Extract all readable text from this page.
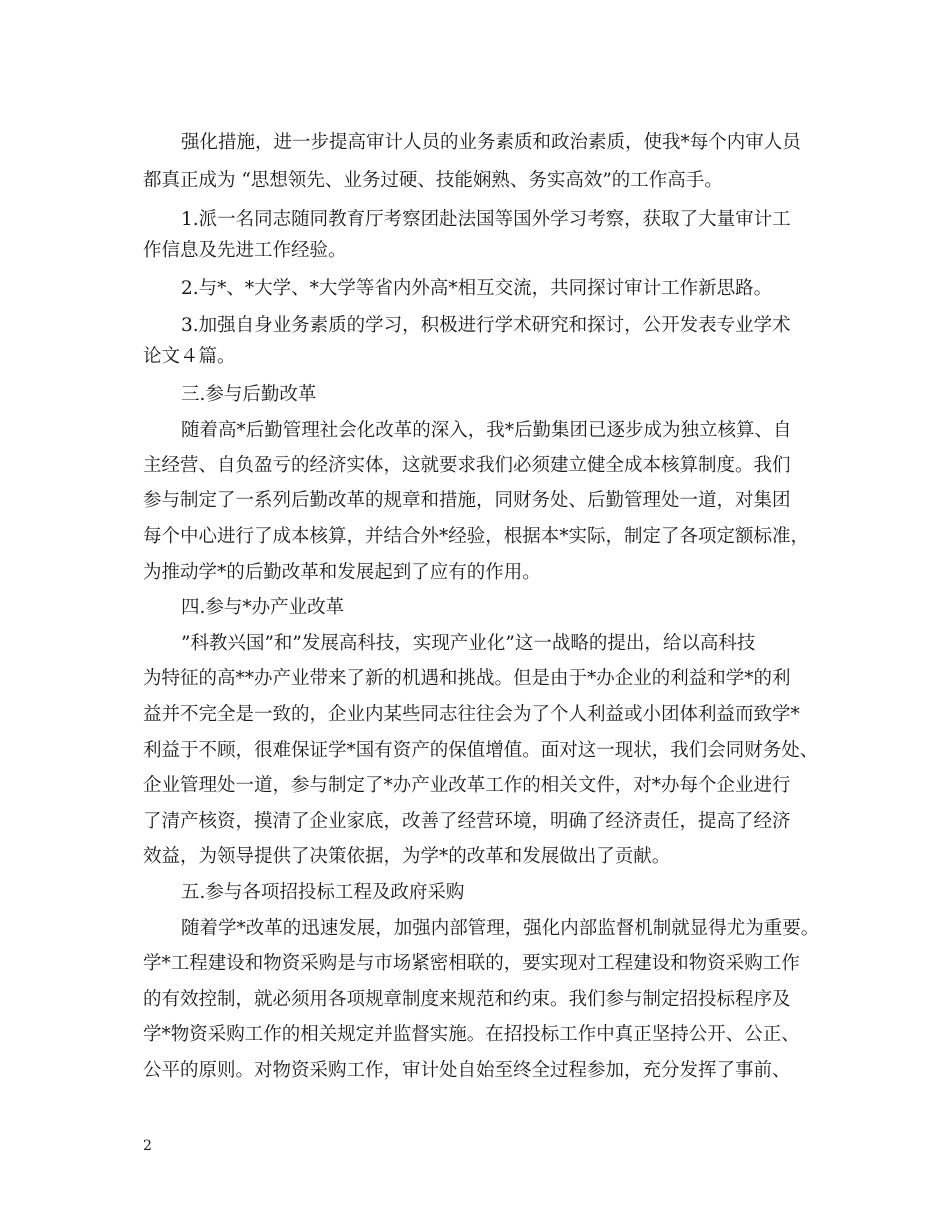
强化措施，进一步提高审计人员的业务素质和政治素质，使我*每个内审人员
都真正成为 “思想领先、业务过硬、技能娴熟、务实高效”的工作高手。
1.派一名同志随同教育厅考察团赴法国等国外学习考察，获取了大量审计工
作信息及先进工作经验。
2.与*、*大学、*大学等省内外高*相互交流，共同探讨审计工作新思路。
3.加强自身业务素质的学习，积极进行学术研究和探讨，公开发表专业学术
论文４篇。
三.参与后勤改革
随着高*后勤管理社会化改革的深入，我*后勤集团已逐步成为独立核算、自
主经营、自负盈亏的经济实体，这就要求我们必须建立健全成本核算制度。我们
参与制定了一系列后勤改革的规章和措施，同财务处、后勤管理处一道，对集团
每个中心进行了成本核算，并结合外*经验，根据本*实际，制定了各项定额标准，
为推动学*的后勤改革和发展起到了应有的作用。
四.参与*办产业改革
”科教兴国”和”发展高科技，实现产业化”这一战略的提出，给以高科技
为特征的高**办产业带来了新的机遇和挑战。但是由于*办企业的利益和学*的利
益并不完全是一致的，企业内某些同志往往会为了个人利益或小团体利益而致学*
利益于不顾，很难保证学*国有资产的保值增值。面对这一现状，我们会同财务处、
企业管理处一道，参与制定了*办产业改革工作的相关文件，对*办每个企业进行
了清产核资，摸清了企业家底，改善了经营环境，明确了经济责任，提高了经济
效益，为领导提供了决策依据，为学*的改革和发展做出了贡献。
五.参与各项招投标工程及政府采购
随着学*改革的迅速发展，加强内部管理，强化内部监督机制就显得尤为重要。
学*工程建设和物资采购是与市场紧密相联的，要实现对工程建设和物资采购工作
的有效控制，就必须用各项规章制度来规范和约束。我们参与制定招投标程序及
学*物资采购工作的相关规定并监督实施。在招投标工作中真正坚持公开、公正、
公平的原则。对物资采购工作，审计处自始至终全过程参加，充分发挥了事前、
2
